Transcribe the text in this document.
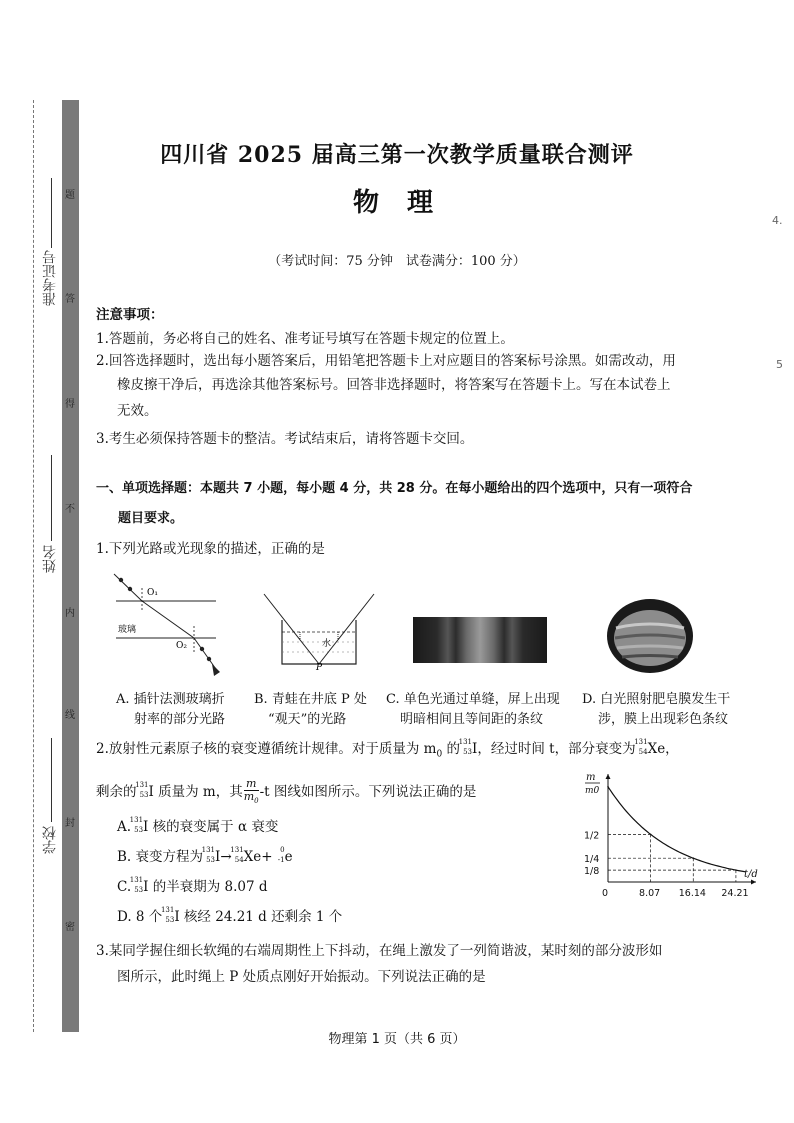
准考证号
姓名
学校
题
答
得
不
内
线
封
密
4.
5
四川省 2025 届高三第一次教学质量联合测评
物理
（考试时间：75 分钟　试卷满分：100 分）
注意事项：
1.答题前，务必将自己的姓名、准考证号填写在答题卡规定的位置上。
2.回答选择题时，选出每小题答案后，用铅笔把答题卡上对应题目的答案标号涂黑。如需改动，用
橡皮擦干净后，再选涂其他答案标号。回答非选择题时，将答案写在答题卡上。写在本试卷上
无效。
3.考生必须保持答题卡的整洁。考试结束后，请将答题卡交回。
一、单项选择题：本题共 7 小题，每小题 4 分，共 28 分。在每小题给出的四个选项中，只有一项符合
题目要求。
1.下列光路或光现象的描述，正确的是
O₁
玻璃
O₂	水
P
A. 插针法测玻璃折
射率的部分光路
B. 青蛙在井底 P 处
“观天”的光路
C. 单色光通过单缝，屏上出现
明暗相间且等间距的条纹
D. 白光照射肥皂膜发生干
涉，膜上出现彩色条纹
2.放射性元素原子核的衰变遵循统计规律。对于质量为 $m_0$ 的
131
53 I，经过时间 t，部分衰变为
131
54 Xe，
剩余的
131
53 I 质量为 m，其 $\frac{m}{m_0} -t$ 图线如图所示。下列说法正确的是
A.
131
53 I 核的衰变属于 α 衰变
B. 衰变方程为
131
53 I→
131
54 Xe+ 0
-1 e
C.
131
53 I 的半衰期为 8.07 d
D. 8 个
131
53 I 核经 24.21 d 还剩余 1 个
m
m0
t/d
1/2
1/4
1/8
0	8.07 16.14 24.21
3.某同学握住细长软绳的右端周期性上下抖动，在绳上激发了一列简谐波，某时刻的部分波形如
图所示，此时绳上 P 处质点刚好开始振动。下列说法正确的是
物理第 1 页（共 6 页）
